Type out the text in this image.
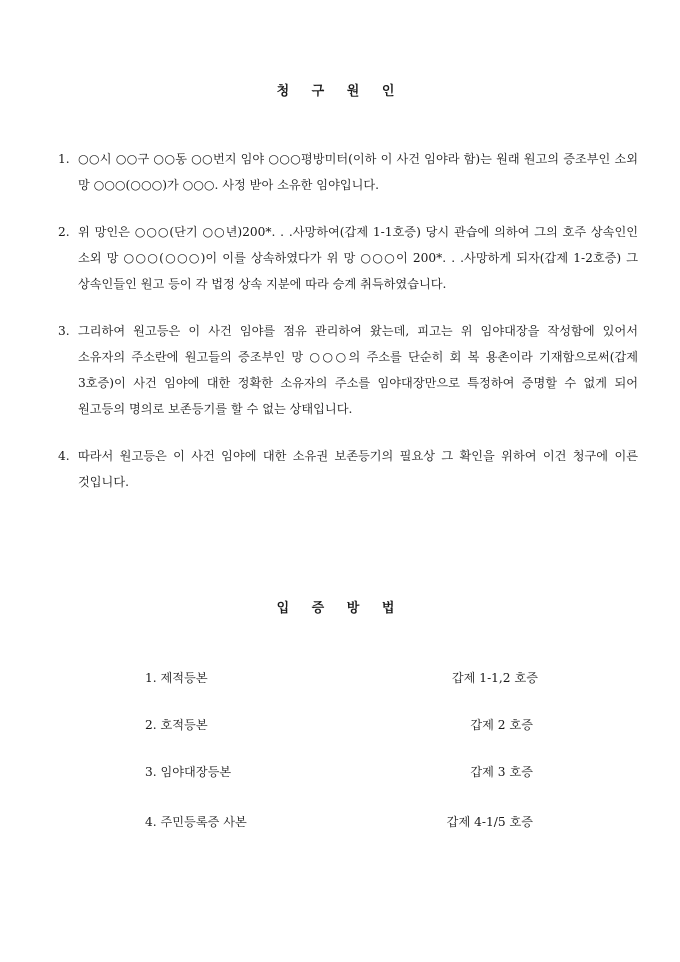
청 구 원 인
1. ○○시 ○○구 ○○동 ○○번지 임야 ○○○평방미터(이하 이 사건 임야라 함)는 원래 원고의 증조부인 소외 망 ○○○(○○○)가 ○○○. 사정 받아 소유한 임야입니다.
2. 위 망인은 ○○○(단기 ○○년)200*. . .사망하여(갑제 1-1호증) 당시 관습에 의하여 그의 호주 상속인인 소외 망 ○○○(○○○)이 이를 상속하였다가 위 망 ○○○이 200*. . .사망하게 되자(갑제 1-2호증) 그 상속인들인 원고 등이 각 법정 상속 지분에 따라 승계 취득하였습니다.
3. 그리하여 원고등은 이 사건 임야를 점유 관리하여 왔는데, 피고는 위 임야대장을 작성함에 있어서 소유자의 주소란에 원고들의 증조부인 망 ○○○의 주소를 단순히 회 복 용촌이라 기재함으로써(갑제 3호증)이 사건 임야에 대한 정확한 소유자의 주소를 임야대장만으로 특정하여 증명할 수 없게 되어 원고등의 명의로 보존등기를 할 수 없는 상태입니다.
4. 따라서 원고등은 이 사건 임야에 대한 소유권 보존등기의 필요상 그 확인을 위하여 이건 청구에 이른 것입니다.
입 증 방 법
1. 제적등본	갑제 1-1,2 호증
2. 호적등본	갑제 2 호증
3. 임야대장등본	갑제 3 호증
4. 주민등록증 사본	갑제 4-1/5 호증
